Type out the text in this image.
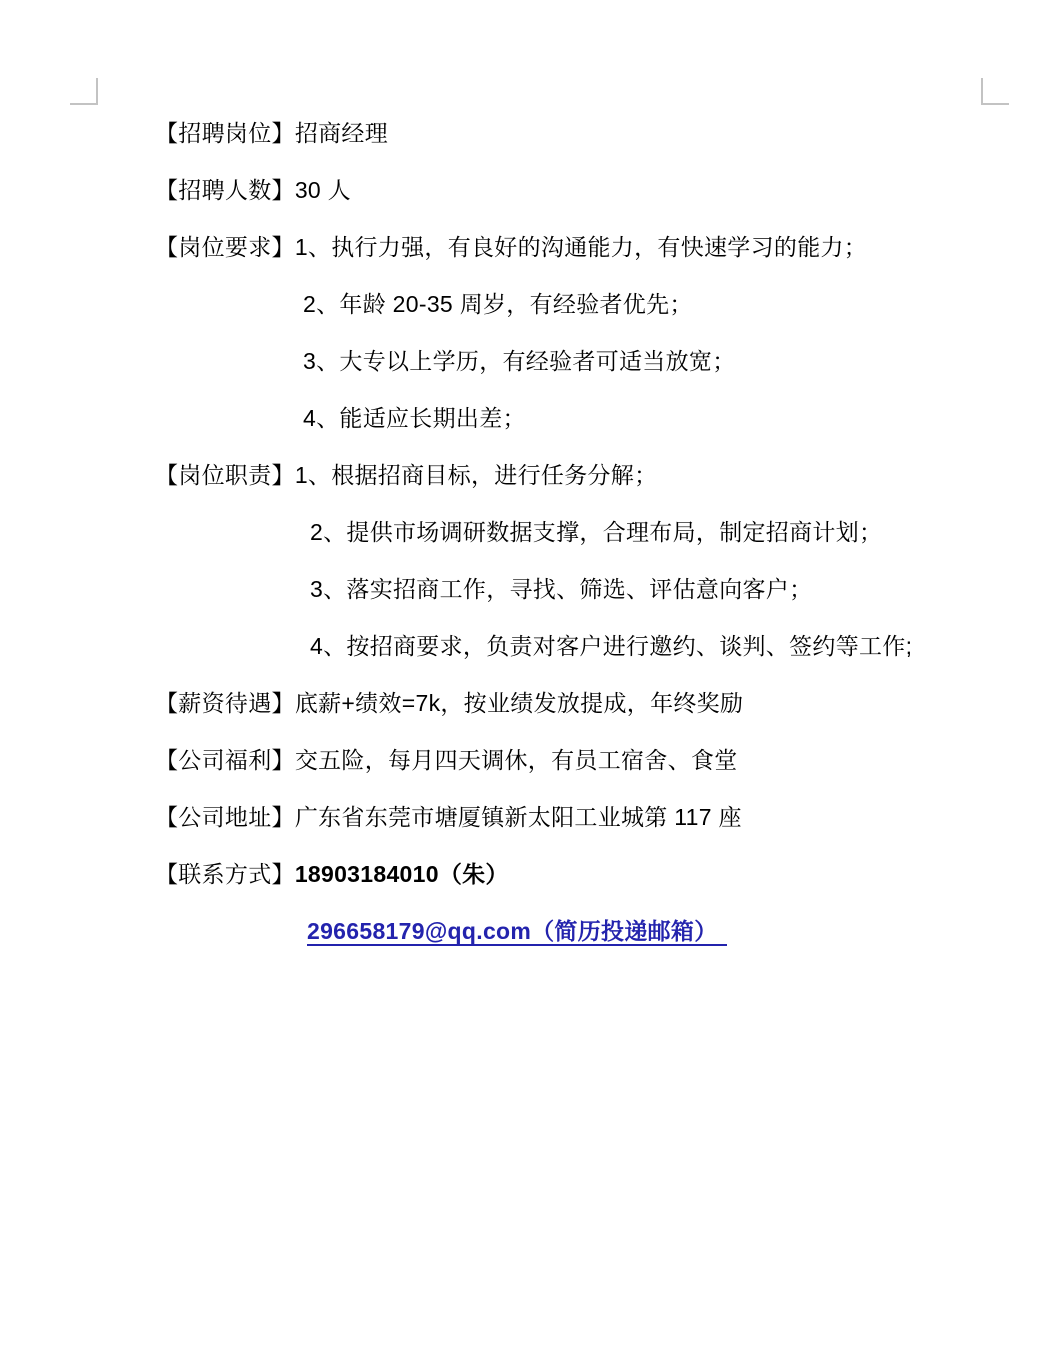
【招聘岗位】招商经理
【招聘人数】30 人
【岗位要求】1、执行力强，有良好的沟通能力，有快速学习的能力；
2、年龄 20-35 周岁，有经验者优先；
3、大专以上学历，有经验者可适当放宽；
4、能适应长期出差；
【岗位职责】1、根据招商目标，进行任务分解；
2、提供市场调研数据支撑，合理布局，制定招商计划；
3、落实招商工作，寻找、筛选、评估意向客户；
4、按招商要求，负责对客户进行邀约、谈判、签约等工作;
【薪资待遇】底薪+绩效=7k，按业绩发放提成，年终奖励
【公司福利】交五险，每月四天调休，有员工宿舍、食堂
【公司地址】广东省东莞市塘厦镇新太阳工业城第 117 座
【联系方式】18903184010（朱）
296658179@qq.com（简历投递邮箱）
